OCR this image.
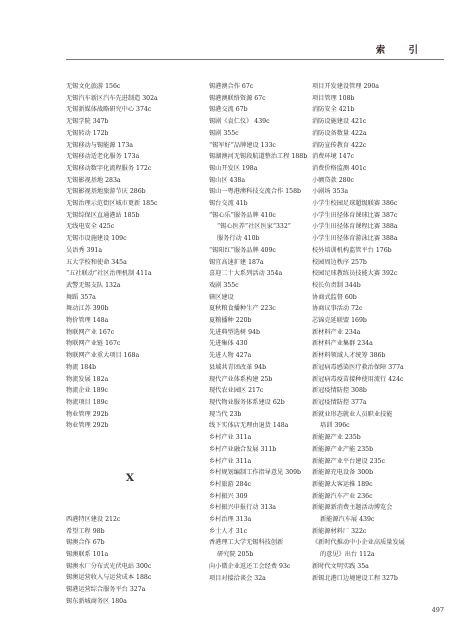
索 引
无锡文化旅游 156c
无锡汽车新区汽车先进制造 302a
无锡新媒体战略研究中心 374c
无锡学院 347b
无锡转动 172b
无锡移动与锡能源 173a
无锡移动适老化服务 173a
无锡移动数字化流程服务 172c
无锡影视基地 283a
无锡影视基地旅游节庆 286b
无锡治理示范街区城市更新 185c
无锡综保区直通港站 185b
无线电安全 425c
无锡市设施建设 109c
吴语秀 391a
五大学校和使命 345a
“五社联动”社区治理机制 411a
武警无锡支队 132a
舞蹈 357a
舞动江苏 390b
物价管理 148a
物联网产业 167c
物联网产业链 167c
物联网产业重大项目 168a
物流 184b
物流发展 182a
物流企业 189c
物流项目 189c
物业管理 292b
物业管理 292b
X
西港特区建设 212c
希望工程 98b
锡澳合作 67b
锡澳联系 101a
锡澳水厂分布式光伏电站 300c
锡澳运营收入与运营成本 188c
锡港运营综合服务平台 327a
锡东新城商务区 180a
锡港澳合作 67c
锡港澳联络资源 67c
锡港交流 67b
锡剧《袁仁仪》 439c
锡剧 355c
“锡军好”品牌建设 133c
锡湖澳河无锡段航道整治工程 188b
锡山开发区 198a
锡山区 438a
锡山一粤港澳科技交流合作 158b
锡台交流 41b
“锡心乐”服务品牌 410c
“锡心医养”社区医家“332”
服务行动 410b
“锡阳红”服务品牌 409c
锡宜高速扩建 187a
喜迎二十大系列活动 354a
戏剧 355c
辖区建设
夏秋粮食播种生产 223c
夏粮播种 220b
先进典型选树 94b
先进集体 430
先进人物 427a
县域共青团改革 94b
现代产业体系构建 25b
现代农业园区 217c
现代物业服务体系建设 62b
现当代 23b
线下实体店无理由退货 148a
乡村产业 311a
乡村产业融合发展 311b
乡村产业 311a
乡村规划编制工作指导意见 309b
乡村旅游 284c
乡村振兴 309
乡村振兴申报行动 313a
乡村治理 313a
乡土人才 31c
香港理工大学无锡科技创新
研究院 205b
向小微企业返还工会经费 93c
项目对接洽谈会 32a
项目开发建设管理 290a
项目管理 108b
消防安全 421b
消防设施建设 421c
消防设备数量 422a
消防宣传教育 422c
消费环境 147c
消费价格监测 401c
小额贷款 280c
小剧场 353a
小学生校园足球超级联赛 386c
小学生田径体育课球比赛 387c
小学生田径体育课程比赛 388a
小学生田径体育游泳比赛 388a
校外培训机构监管平台 176b
校园周边秩序 257b
校园足球教练员技能大赛 392c
校长负责制 344b
协商式监督 60b
协商议事活动 72c
芯锦克延联盟 169b
新材料产业 234a
新材料产业集群 234a
新材料领域人才统筹 386b
新冠病毒感染医疗救治保障 377a
新冠病毒疫苗接种使用流行 424c
新冠疫情防控 308b
新冠疫情防控 377a
新就业形态就业人员职业技能
培训 396c
新能源产业 235b
新能源产业产能 235b
新能源产业平台建设 235c
新能源充电设备 300b
新能源大客运推 189c
新能源汽车产业 236c
新能源新消费主题活动博览会
新能源汽车展 439c
新能源材料厂 322c
《新时代推动中小企业高质量发展
的意见》出台 112a
新时代文明实践 35a
新锡北港口边境建设工程 327b
497
